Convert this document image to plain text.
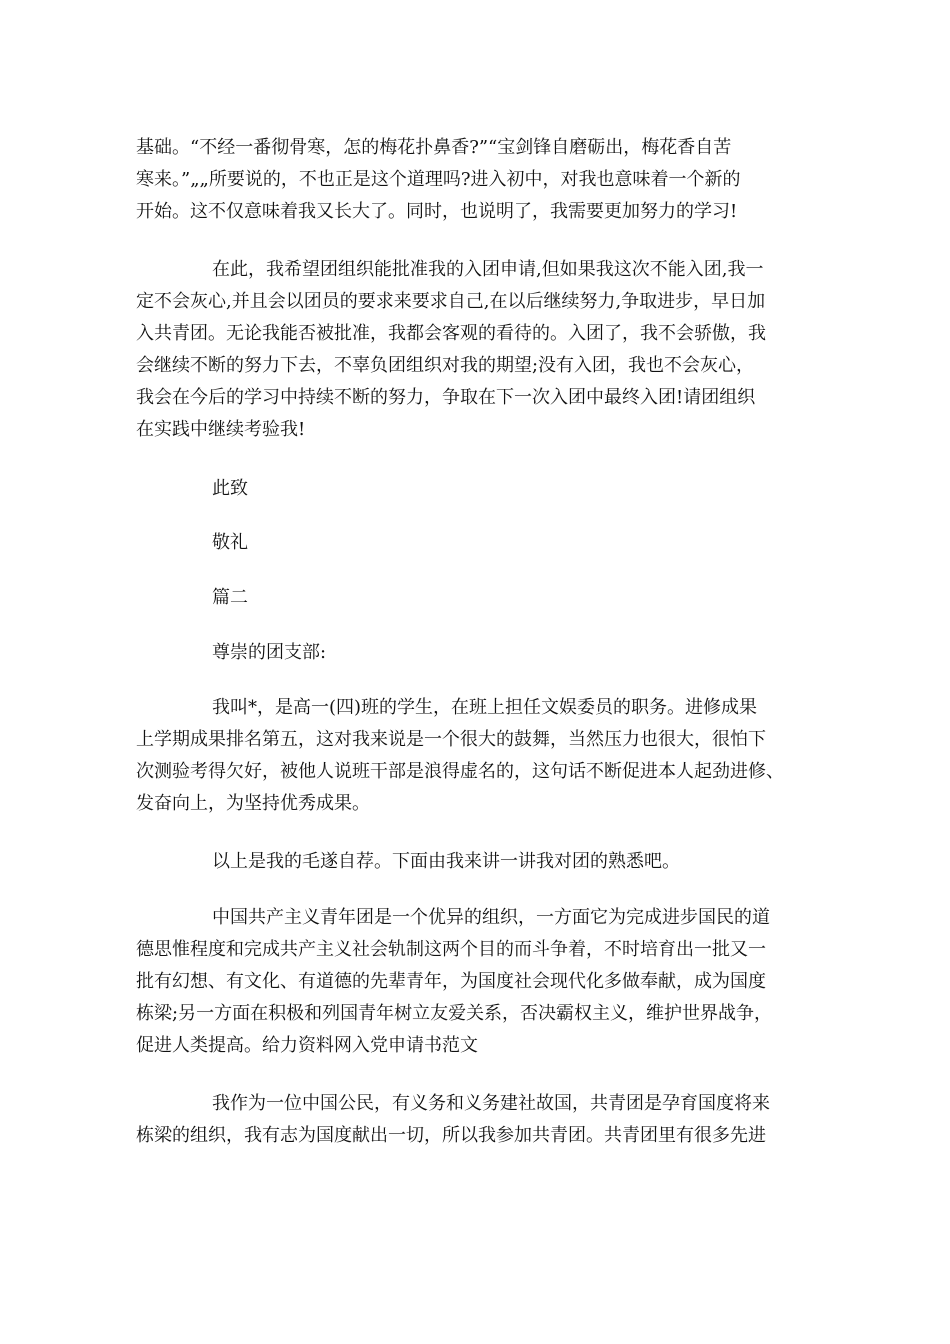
基础。“不经一番彻骨寒，怎的梅花扑鼻香?”“宝剑锋自磨砺出，梅花香自苦
寒来。”„„所要说的，不也正是这个道理吗?进入初中，对我也意味着一个新的
开始。这不仅意味着我又长大了。同时，也说明了，我需要更加努力的学习!
在此，我希望团组织能批准我的入团申请,但如果我这次不能入团,我一
定不会灰心,并且会以团员的要求来要求自己,在以后继续努力,争取进步，早日加
入共青团。无论我能否被批准，我都会客观的看待的。入团了，我不会骄傲，我
会继续不断的努力下去，不辜负团组织对我的期望;没有入团，我也不会灰心，
我会在今后的学习中持续不断的努力，争取在下一次入团中最终入团!请团组织
在实践中继续考验我!

此致

敬礼

篇二

尊崇的团支部:

我叫*，是高一(四)班的学生，在班上担任文娱委员的职务。进修成果
上学期成果排名第五，这对我来说是一个很大的鼓舞，当然压力也很大，很怕下
次测验考得欠好，被他人说班干部是浪得虚名的，这句话不断促进本人起劲进修、
发奋向上，为坚持优秀成果。

以上是我的毛遂自荐。下面由我来讲一讲我对团的熟悉吧。

中国共产主义青年团是一个优异的组织，一方面它为完成进步国民的道
德思惟程度和完成共产主义社会轨制这两个目的而斗争着，不时培育出一批又一
批有幻想、有文化、有道德的先辈青年，为国度社会现代化多做奉献，成为国度
栋梁;另一方面在积极和列国青年树立友爱关系，否决霸权主义，维护世界战争，
促进人类提高。给力资料网入党申请书范文
我作为一位中国公民，有义务和义务建社故国，共青团是孕育国度将来
栋梁的组织，我有志为国度献出一切，所以我参加共青团。共青团里有很多先进
